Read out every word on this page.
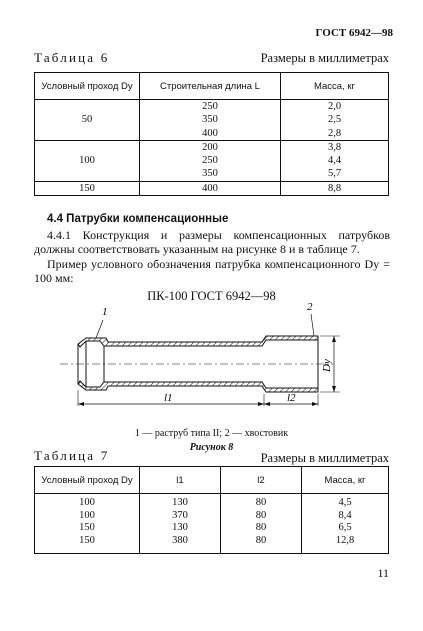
ГОСТ 6942—98
Таблица 6	Размеры в миллиметрах
Условный проход Dy	Строительная длина L	Масса, кг
50	250	2,0
	350	2,5
	400	2,8
100	200	3,8
	250	4,4
	350	5,7
150	400	8,8
4.4 Патрубки компенсационные
4.4.1 Конструкция и размеры компенсационных патрубков должны соответствовать указанным на рисунке 8 и в таблице 7.
Пример условного обозначения патрубка компенсационного Dy = 100 мм:
ПК-100 ГОСТ 6942—98
1	2
l1	l2
Dy
1 — раструб типа II; 2 — хвостовик
Рисунок 8
Таблица 7	Размеры в миллиметрах
Условный проход Dy	l1	l2	Масса, кг
100	130	80	4,5
100	370	80	8,4
150	130	80	6,5
150	380	80	12,8
11
